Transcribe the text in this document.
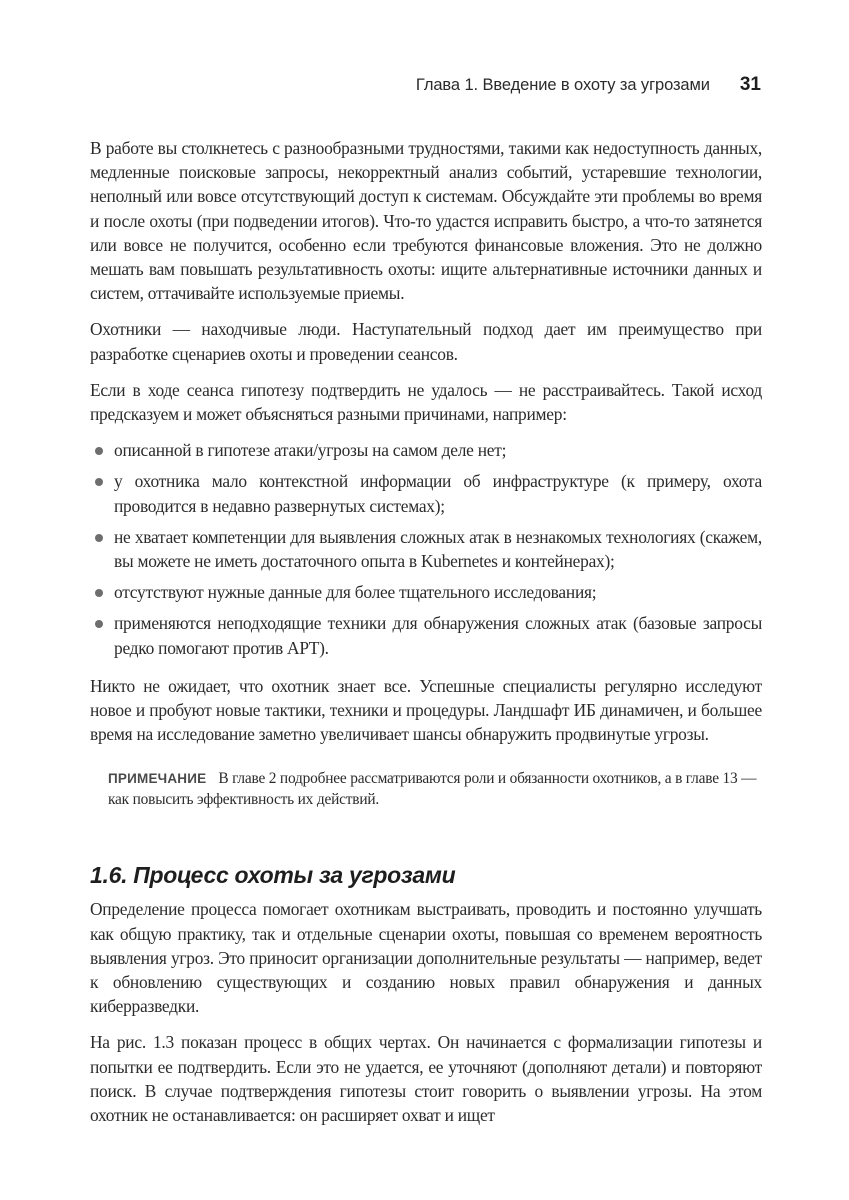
Глава 1. Введение в охоту за угрозами 31

В работе вы столкнетесь с разнообразными трудностями, такими как недоступность данных, медленные поисковые запросы, некорректный анализ событий, устаревшие технологии, неполный или вовсе отсутствующий доступ к системам. Обсуждайте эти проблемы во время и после охоты (при подведении итогов). Что-то удастся исправить быстро, а что-то затянется или вовсе не получится, особенно если требуются финансовые вложения. Это не должно мешать вам повышать результативность охоты: ищите альтернативные источники данных и систем, оттачивайте используемые приемы.

Охотники — находчивые люди. Наступательный подход дает им преимущество при разработке сценариев охоты и проведении сеансов.

Если в ходе сеанса гипотезу подтвердить не удалось — не расстраивайтесь. Такой исход предсказуем и может объясняться разными причинами, например:

описанной в гипотезе атаки/угрозы на самом деле нет;
у охотника мало контекстной информации об инфраструктуре (к примеру, охота проводится в недавно развернутых системах);
не хватает компетенции для выявления сложных атак в незнакомых технологиях (скажем, вы можете не иметь достаточного опыта в Kubernetes и контейнерах);
отсутствуют нужные данные для более тщательного исследования;
применяются неподходящие техники для обнаружения сложных атак (базовые запросы редко помогают против APT).

Никто не ожидает, что охотник знает все. Успешные специалисты регулярно исследуют новое и пробуют новые тактики, техники и процедуры. Ландшафт ИБ динамичен, и большее время на исследование заметно увеличивает шансы обнаружить продвинутые угрозы.

ПРИМЕЧАНИЕ В главе 2 подробнее рассматриваются роли и обязанности охотников, а в главе 13 — как повысить эффективность их действий.
1.6. Процесс охоты за угрозами

Определение процесса помогает охотникам выстраивать, проводить и постоянно улучшать как общую практику, так и отдельные сценарии охоты, повышая со временем вероятность выявления угроз. Это приносит организации дополнительные результаты — например, ведет к обновлению существующих и созданию новых правил обнаружения и данных киберразведки.

На рис. 1.3 показан процесс в общих чертах. Он начинается с формализации гипотезы и попытки ее подтвердить. Если это не удается, ее уточняют (дополняют детали) и повторяют поиск. В случае подтверждения гипотезы стоит говорить о выявлении угрозы. На этом охотник не останавливается: он расширяет охват и ищет
